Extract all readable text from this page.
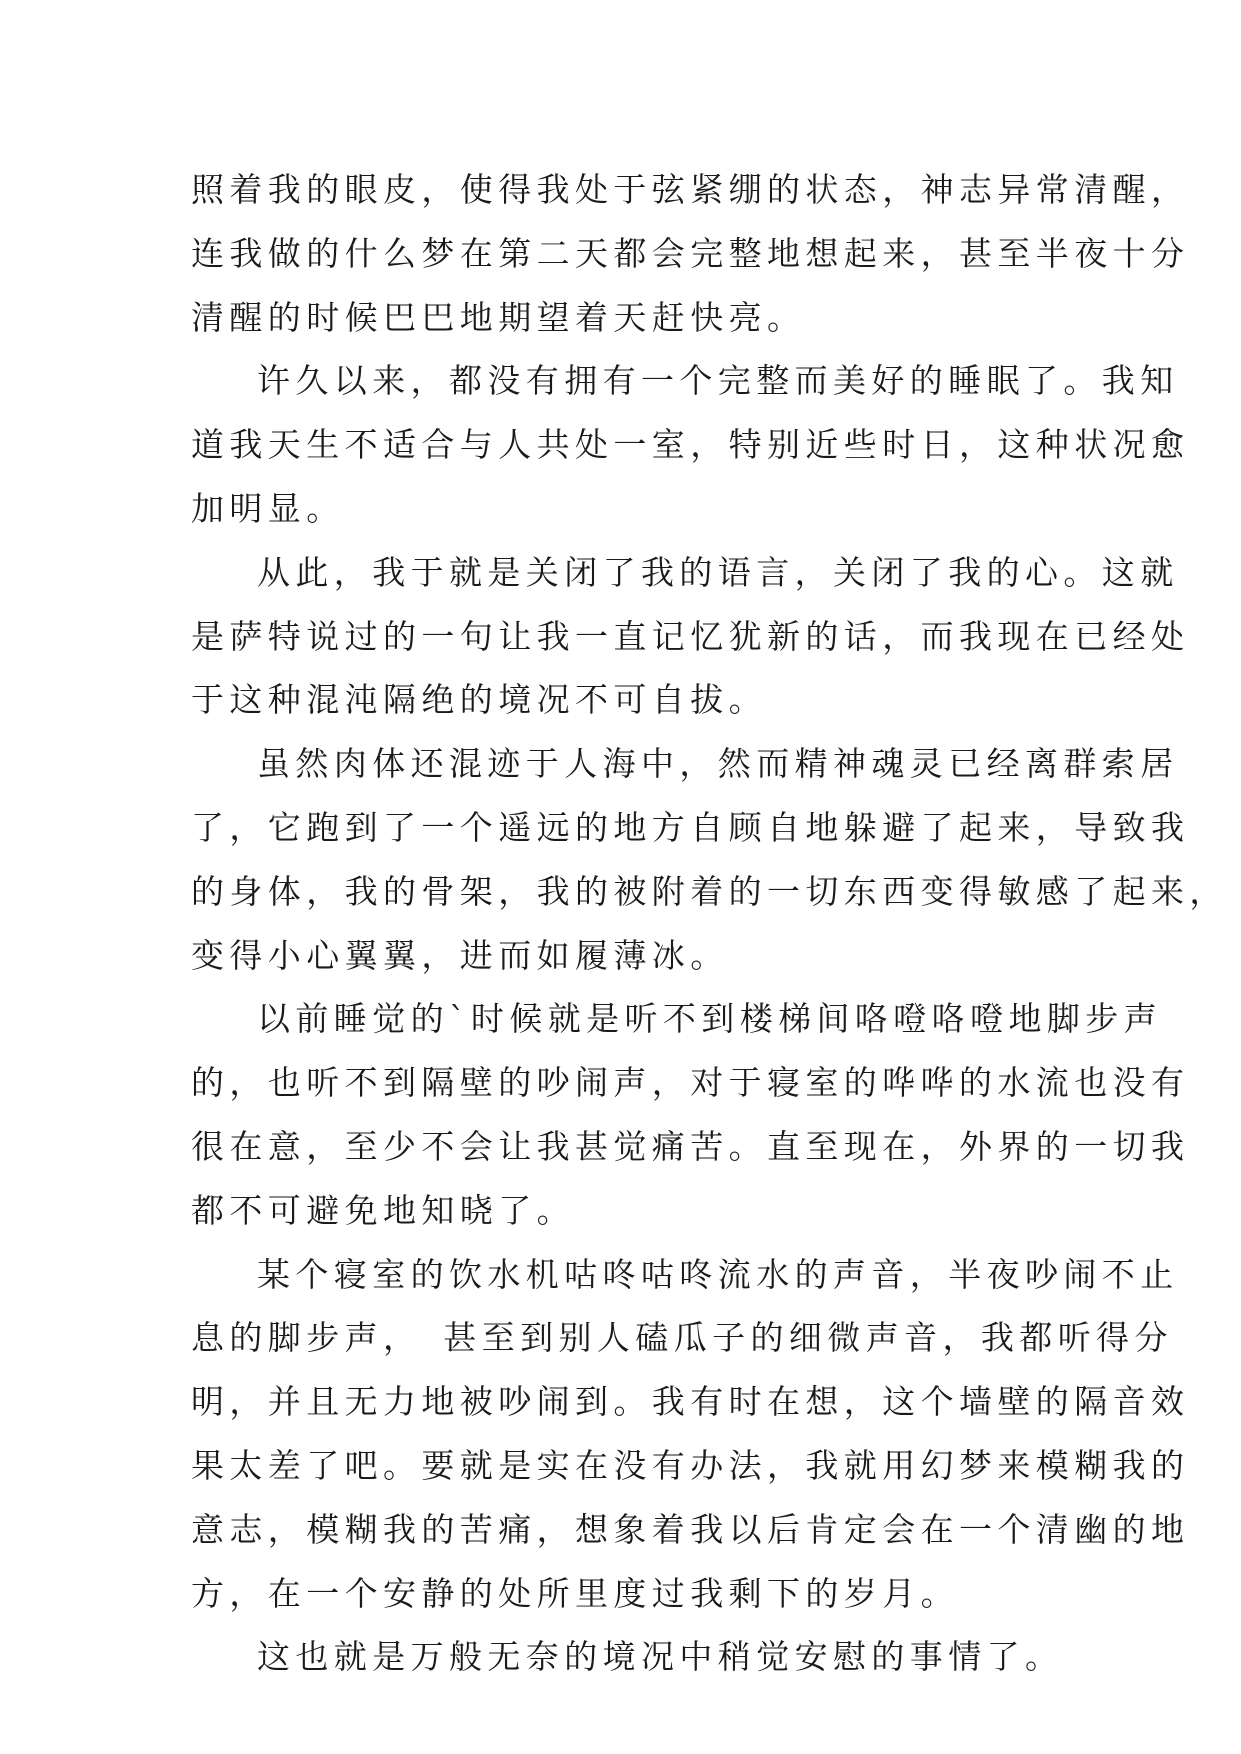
照着我的眼皮，使得我处于弦紧绷的状态，神志异常清醒，
连我做的什么梦在第二天都会完整地想起来，甚至半夜十分
清醒的时候巴巴地期望着天赶快亮。
许久以来，都没有拥有一个完整而美好的睡眠了。我知
道我天生不适合与人共处一室，特别近些时日，这种状况愈
加明显。
从此，我于就是关闭了我的语言，关闭了我的心。这就
是萨特说过的一句让我一直记忆犹新的话，而我现在已经处
于这种混沌隔绝的境况不可自拔。
虽然肉体还混迹于人海中，然而精神魂灵已经离群索居
了，它跑到了一个遥远的地方自顾自地躲避了起来，导致我
的身体，我的骨架，我的被附着的一切东西变得敏感了起来，
变得小心翼翼，进而如履薄冰。
以前睡觉的`时候就是听不到楼梯间咯噔咯噔地脚步声
的，也听不到隔壁的吵闹声，对于寝室的哗哗的水流也没有
很在意，至少不会让我甚觉痛苦。直至现在，外界的一切我
都不可避免地知晓了。
某个寝室的饮水机咕咚咕咚流水的声音，半夜吵闹不止
息的脚步声，　甚至到别人磕瓜子的细微声音，我都听得分
明，并且无力地被吵闹到。我有时在想，这个墙壁的隔音效
果太差了吧。要就是实在没有办法，我就用幻梦来模糊我的
意志，模糊我的苦痛，想象着我以后肯定会在一个清幽的地
方，在一个安静的处所里度过我剩下的岁月。
这也就是万般无奈的境况中稍觉安慰的事情了。
